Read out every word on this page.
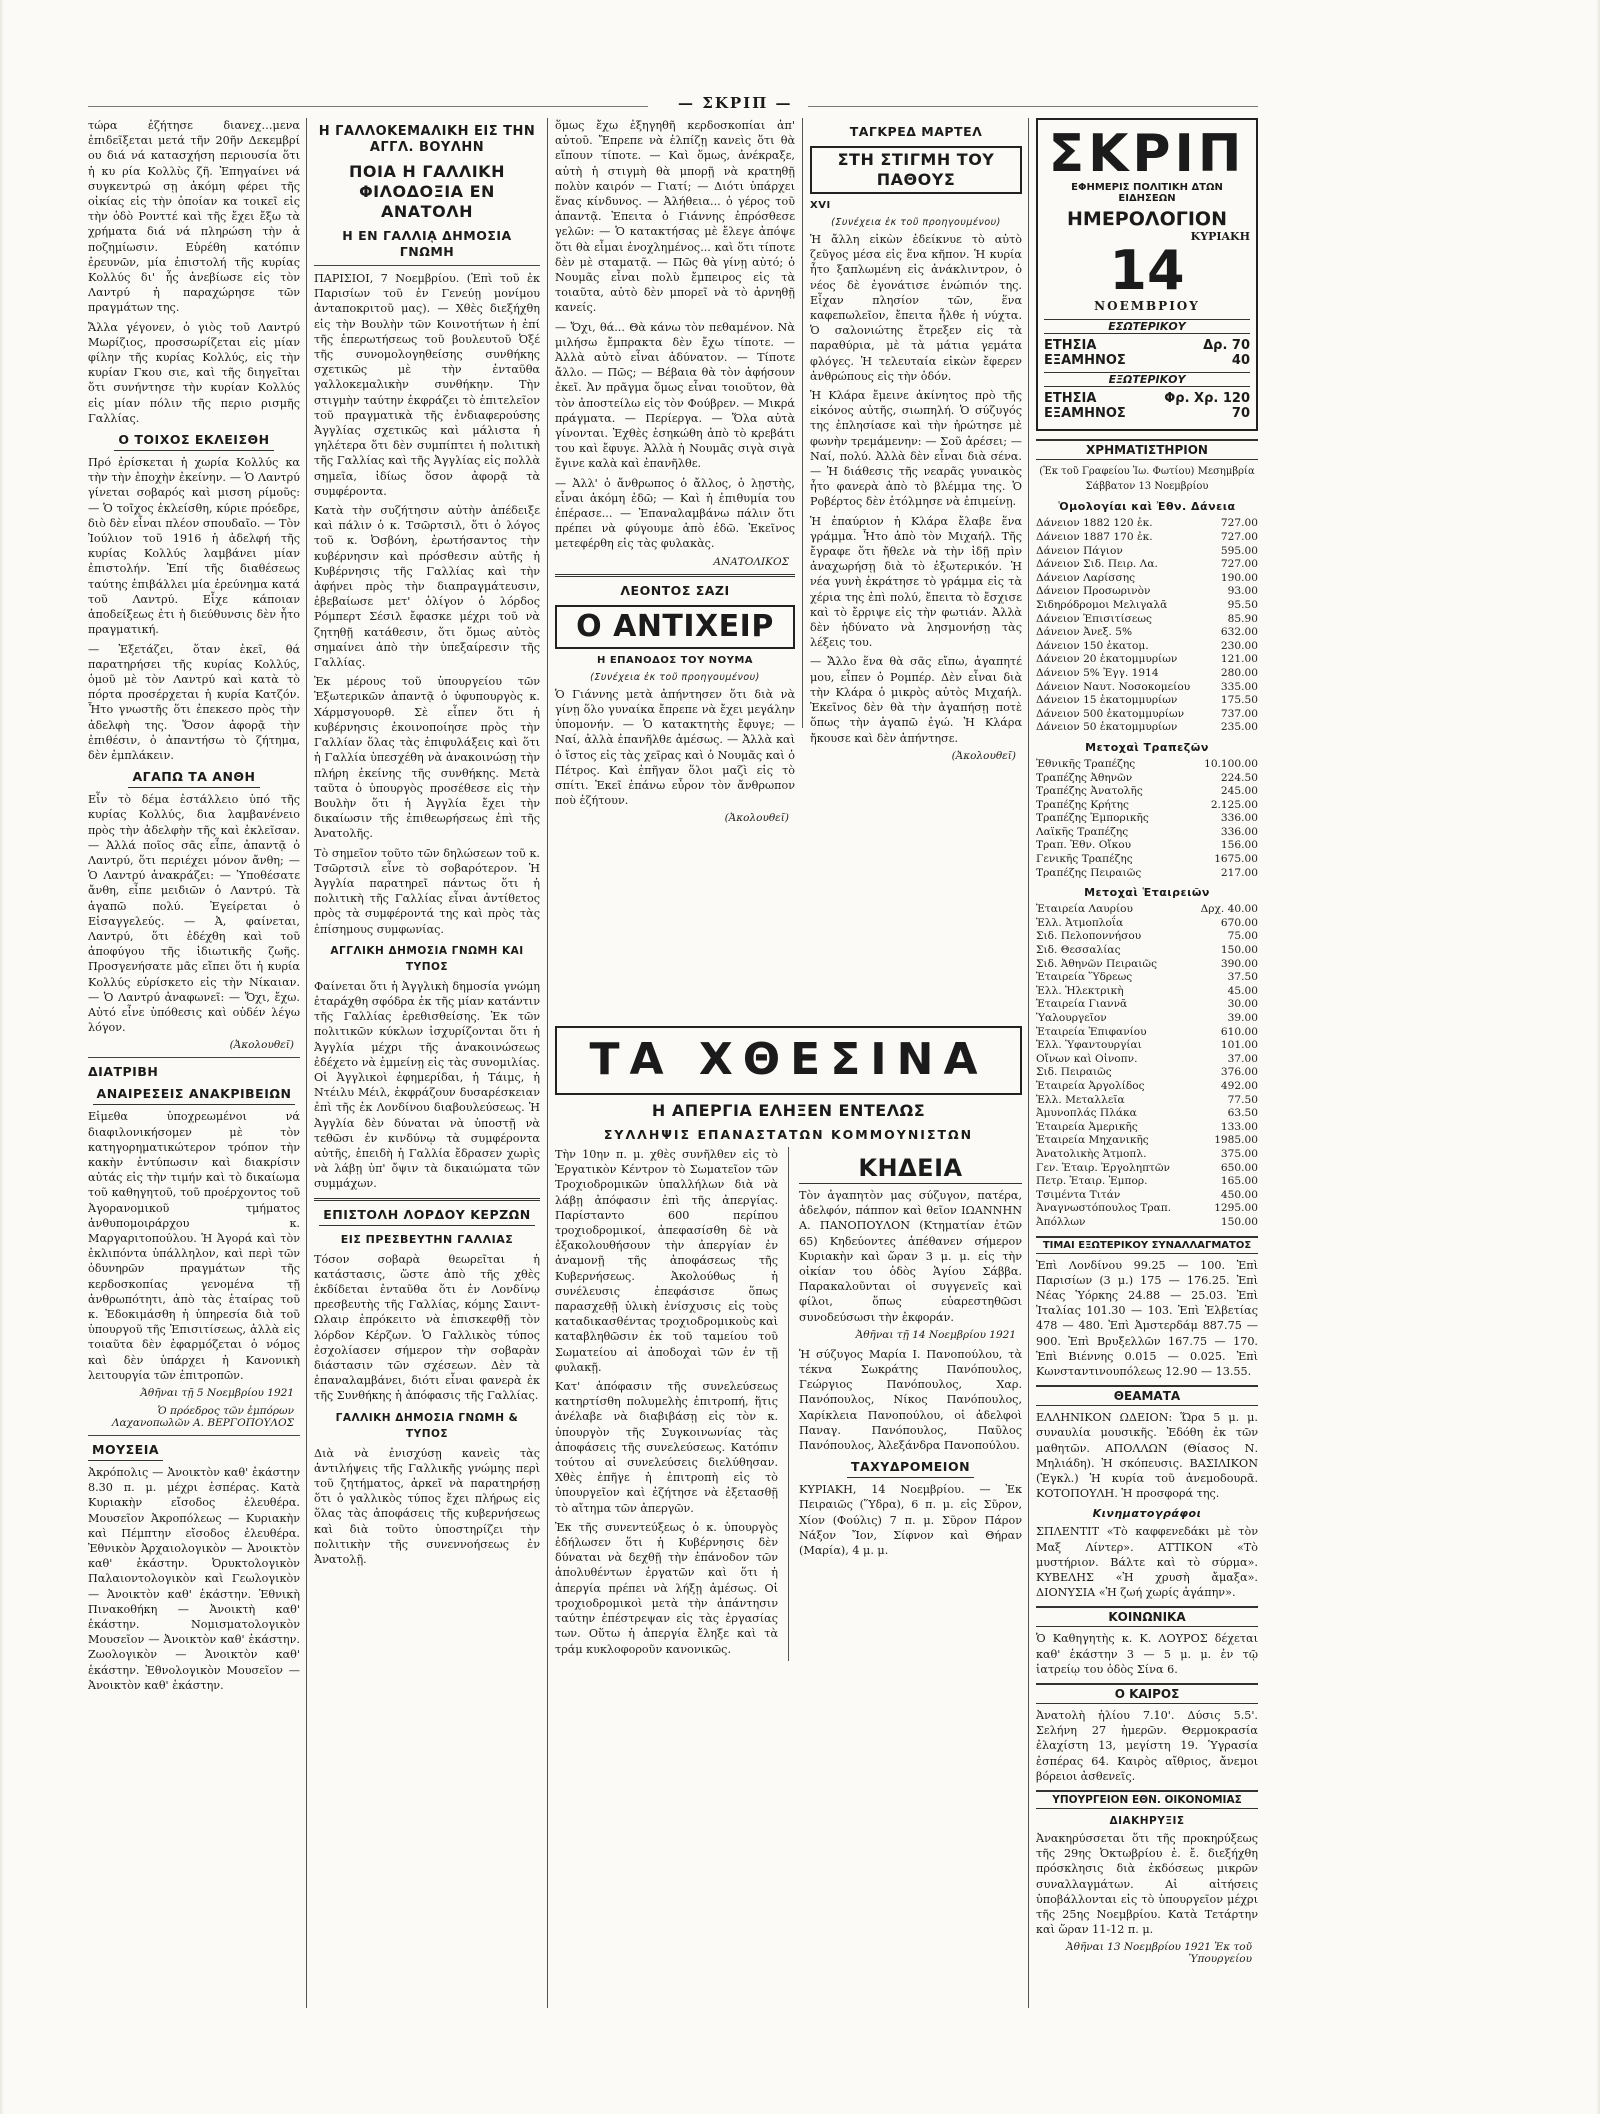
— ΣΚΡΙΠ —

τώρα ἐζήτησε διανεχ…μενα ἐπιδεῖξεται μετά τῆν 20ῆν Δεκεμβρί ου διά νά κατασχήση περιουσία ὅτι ἡ κυ ρία Κολλὺς ζῆ. Ἐπηγαίνει νά συγκεντρώ σῃ ἀκόμη φέρει τῆς οἰκίας εἰς τὴν ὁποίαν κα τοικεῖ εἰς τὴν ὁδὸ Ρονττέ καὶ τῆς ἔχει ἔξω τὰ χρήματα διά νά πληρώση τὴν ἀ ποζημίωσιν. Εὑρέθη κατόπιν ἐρευνῶν, μία ἐπιστολή τῆς κυρίας Κολλύς δι' ἧς ἀνεβίωσε εἰς τὸν Λαντρύ ἡ παραχώρησε τῶν πραγμάτων της.

Ἄλλα γέγονεν, ὁ γιὸς τοῦ Λαντρύ Μωρίζιος, προσσωρίζεται εἰς μίαν φίλην τῆς κυρίας Κολλύς, εἰς τὴν κυρίαν Γκου σιε, καὶ τῆς διηγεῖται ὅτι συνήντησε τὴν κυρίαν Κολλύς εἰς μίαν πόλιν τῆς περιο ρισμῆς Γαλλίας.

Ο ΤΟΙΧΟΣ ΕΚΛΕΙΣΘΗ

Πρό ἐρίσκεται ἡ χωρία Κολλύς κα τὴν τὴν ἐποχὴν ἐκείνην. — Ὁ Λαντρύ γίνεται σοβαρός καὶ μισση ρίμοῦς: — Ὁ τοῖχος ἐκλείσθη, κύριε πρόεδρε, διὸ δὲν εἶναι πλέον σπουδαῖο. — Τὸν Ἰούλιον τοῦ 1916 ἡ ἀδελφή τῆς κυρίας Κολλύς λαμβάνει μίαν ἐπιστολήν. Ἐπί τῆς διαθέσεως ταύτης ἐπιβάλλει μία ἐρεύνημα κατά τοῦ Λαντρύ. Εἶχε κάποιαν ἀποδείξεως ἐτι ἡ διεύθυνσις δὲν ἦτο πραγματική.

— Ἐξετάζει, ὅταν ἐκεῖ, θά παρατηρήσει τῆς κυρίας Κολλύς, ὁμοῦ μὲ τὸν Λαντρύ καὶ κατὰ τὸ πόρτα προσέρχεται ἡ κυρία Κατζόν. Ἦτο γνωστῆς ὅτι ἐπεκεσο πρὸς τὴν ἀδελφὴ της. Ὅσον ἀφορᾷ τὴν ἐπιθέσιν, ὁ ἀπαντήσω τὸ ζήτημα, δὲν ἐμπλάκειν.

ΑΓΑΠΩ ΤΑ ΑΝΘΗ

Εἶν τὸ δέμα ἐστάλλειο ὑπό τῆς κυρίας Κολλύς, δια λαμβανένειο πρὸς τὴν ἀδελφὴν τῆς καὶ ἐκλεῖσαν. — Ἀλλά ποῖος σᾶς εἶπε, ἀπαντᾷ ὁ Λαντρύ, ὅτι περιέχει μόνον ἄνθη; — Ὁ Λαντρύ ἀνακράζει: — Ὑποθέσατε ἄνθη, εἶπε μειδιῶν ὁ Λαντρύ. Τὰ ἀγαπῶ πολύ. Ἐγείρεται ὁ Εἰσαγγελεύς. — Ἀ, φαίνεται, Λαντρύ, ὅτι ἐδέχθη καὶ τοῦ ἀποφύγου τῆς ἰδιωτικῆς ζωῆς. Προσγενήσατε μᾶς εἴπει ὅτι ἡ κυρία Κολλύς εὑρίσκετο εἰς τὴν Νίκαιαν. — Ὁ Λαντρύ ἀναφωνεῖ: — Ὄχι, ἔχω. Αὐτό εἶνε ὑπόθεσις καὶ οὐδέν λέγω λόγον.

(Ἀκολουθεῖ)
ΔΙΑΤΡΙΒΗ
ΑΝΑΙΡΕΣΕΙΣ ΑΝΑΚΡΙΒΕΙΩΝ

Εἰμεθα ὑποχρεωμένοι νά διαφιλονικήσομεν μὲ τὸν κατηγορηματικώτερον τρόπον τὴν κακὴν ἐντύπωσιν καὶ διακρίσιν αὐτάς εἰς τὴν τιμήν καὶ τὸ δικαίωμα τοῦ καθηγητοῦ, τοῦ προέρχοντος τοῦ Ἀγορανομικοῦ τμήματος ἀνθυπομοιράρχου κ. Μαργαριτοπούλου. Ἡ Ἀγορά καὶ τὸν ἐκλιπόντα ὑπάλληλον, καὶ περὶ τῶν ὀδυνηρῶν πραγμάτων τῆς κερδοσκοπίας γενομένα τῇ ἀνθρωπότητι, ἀπὸ τὰς ἑταίρας τοῦ κ. Ἐδοκιμάσθη ἡ ὑπηρεσία διὰ τοῦ ὑπουργοῦ τῆς Ἐπισιτίσεως, ἀλλὰ εἰς τοιαῦτα δὲν ἐφαρμόζεται ὁ νόμος καὶ δὲν ὑπάρχει ἡ Κανονικὴ λειτουργία τῶν ἐπιτροπῶν.

Ἀθῆναι τῇ 5 Νοεμβρίου 1921
Ὁ πρόεδρος τῶν ἐμπόρων Λαχανοπωλῶν Α. ΒΕΡΓΟΠΟΥΛΟΣ
ΜΟΥΣΕΙΑ

Ἀκρόπολις — Ἀνοικτὸν καθ' ἑκάστην 8.30 π. μ. μέχρι ἑσπέρας. Κατὰ Κυριακὴν εἴσοδος ἐλευθέρα. Μουσεῖον Ἀκροπόλεως — Κυριακὴν καὶ Πέμπτην εἴσοδος ἐλευθέρα. Ἐθνικὸν Ἀρχαιολογικὸν — Ἀνοικτὸν καθ' ἑκάστην. Ὀρυκτολογικὸν Παλαιοντολογικὸν καὶ Γεωλογικὸν — Ἀνοικτὸν καθ' ἑκάστην. Ἐθνικὴ Πινακοθήκη — Ἀνοικτὴ καθ' ἑκάστην. Νομισματολογικὸν Μουσεῖον — Ἀνοικτὸν καθ' ἑκάστην. Ζωολογικὸν — Ἀνοικτὸν καθ' ἑκάστην. Ἐθνολογικὸν Μουσεῖον — Ἀνοικτὸν καθ' ἑκάστην.

Η ΓΑΛΛΟΚΕΜΑΛΙΚΗ ΕΙΣ ΤΗΝ ΑΓΓΛ. ΒΟΥΛΗΝ
ΠΟΙΑ Η ΓΑΛΛΙΚΗ ΦΙΛΟΔΟΞΙΑ ΕΝ ΑΝΑΤΟΛΗ
Η ΕΝ ΓΑΛΛΙᾼ ΔΗΜΟΣΙΑ ΓΝΩΜΗ

ΠΑΡΙΣΙΟΙ, 7 Νοεμβρίου. (Ἐπὶ τοῦ ἐκ Παρισίων τοῦ ἐν Γενεύῃ μονίμου ἀνταποκριτοῦ μας). — Χθὲς διεξήχθη εἰς τὴν Βουλὴν τῶν Κοινοτήτων ἡ ἐπί τῆς ἐπερωτήσεως τοῦ βουλευτοῦ Ὀξέ τῆς συνομολογηθείσης συνθήκης σχετικῶς μὲ τὴν ἐνταῦθα γαλλοκεμαλικὴν συνθήκην. Τὴν στιγμὴν ταύτην ἐκφράζει τὸ ἐπιτελεῖον τοῦ πραγματικὰ τῆς ἐνδιαφερούσης Ἀγγλίας σχετικῶς καὶ μάλιστα ἡ γηλέτερα ὅτι δὲν συμπίπτει ἡ πολιτικὴ τῆς Γαλλίας καὶ τῆς Ἀγγλίας εἰς πολλὰ σημεῖα, ἰδίως ὅσον ἀφορᾷ τὰ συμφέροντα.

Κατὰ τὴν συζήτησιν αὐτὴν ἀπέδειξε καὶ πάλιν ὁ κ. Τσῶρτσιλ, ὅτι ὁ λόγος τοῦ κ. Ὀσβόνη, ἐρωτήσαντος τὴν κυβέρνησιν καὶ πρόσθεσιν αὐτῆς ἡ Κυβέρνησις τῆς Γαλλίας καὶ τὴν ἀφήνει πρὸς τὴν διαπραγμάτευσιν, ἐβεβαίωσε μετ' ὀλίγον ὁ λόρδος Ρόμπερτ Σέσιλ ἔφασκε μέχρι τοῦ νὰ ζητηθῇ κατάθεσιν, ὅτι ὅμως αὐτὸς σημαίνει ἀπὸ τὴν ὑπεξαίρεσιν τῆς Γαλλίας.

Ἐκ μέρους τοῦ ὑπουργείου τῶν Ἐξωτερικῶν ἀπαντᾷ ὁ ὑφυπουργὸς κ. Χάρμσγουορθ. Σὲ εἶπεν ὅτι ἡ κυβέρνησις ἐκοινοποίησε πρὸς τὴν Γαλλίαν ὅλας τὰς ἐπιφυλάξεις καὶ ὅτι ἡ Γαλλία ὑπεσχέθη νὰ ἀνακοινώσῃ τὴν πλήρη ἐκείνης τῆς συνθήκης. Μετὰ ταῦτα ὁ ὑπουργὸς προσέθεσε εἰς τὴν Βουλὴν ὅτι ἡ Ἀγγλία ἔχει τὴν δικαίωσιν τῆς ἐπιθεωρήσεως ἐπὶ τῆς Ἀνατολῆς.

Τὸ σημεῖον τοῦτο τῶν δηλώσεων τοῦ κ. Τσῶρτσιλ εἶνε τὸ σοβαρότερον. Ἡ Ἀγγλία παρατηρεῖ πάντως ὅτι ἡ πολιτικὴ τῆς Γαλλίας εἶναι ἀντίθετος πρὸς τὰ συμφέροντά της καὶ πρὸς τὰς ἐπίσημους συμφωνίας.

ΑΓΓΛΙΚΗ ΔΗΜΟΣΙΑ ΓΝΩΜΗ ΚΑΙ ΤΥΠΟΣ

Φαίνεται ὅτι ἡ Ἀγγλικὴ δημοσία γνώμη ἐταράχθη σφόδρα ἐκ τῆς μίαν κατάντιν τῆς Γαλλίας ἐρεθισθείσης. Ἐκ τῶν πολιτικῶν κύκλων ἰσχυρίζονται ὅτι ἡ Ἀγγλία μέχρι τῆς ἀνακοινώσεως ἐδέχετο νὰ ἐμμείνῃ εἰς τὰς συνομιλίας. Οἱ Ἀγγλικοὶ ἐφημερίδαι, ἡ Τάιμς, ἡ Ντέιλυ Μέιλ, ἐκφράζουν δυσαρέσκειαν ἐπὶ τῆς ἐκ Λονδίνου διαβουλεύσεως. Ἡ Ἀγγλία δὲν δύναται νὰ ὑποστῇ νὰ τεθῶσι ἐν κινδύνῳ τὰ συμφέροντα αὐτῆς, ἐπειδὴ ἡ Γαλλία ἔδρασεν χωρὶς νὰ λάβῃ ὑπ' ὄψιν τὰ δικαιώματα τῶν συμμάχων.

ΕΠΙΣΤΟΛΗ ΛΟΡΔΟΥ ΚΕΡΖΩΝ
ΕΙΣ ΠΡΕΣΒΕΥΤΗΝ ΓΑΛΛΙΑΣ

Τόσον σοβαρὰ θεωρεῖται ἡ κατάστασις, ὥστε ἀπὸ τῆς χθὲς ἐκδίδεται ἐνταῦθα ὅτι ἐν Λονδίνῳ πρεσβευτὴς τῆς Γαλλίας, κόμης Σαιντ-Ωλαιρ ἐπρόκειτο νὰ ἐπισκεφθῇ τὸν λόρδον Κέρζων. Ὁ Γαλλικὸς τύπος ἐσχολίασεν σήμερον τὴν σοβαρὰν διάστασιν τῶν σχέσεων. Δὲν τὰ ἐπαναλαμβάνει, διότι εἶναι φανερὰ ἐκ τῆς Συνθήκης ἡ ἀπόφασις τῆς Γαλλίας.

ΓΑΛΛΙΚΗ ΔΗΜΟΣΙΑ ΓΝΩΜΗ & ΤΥΠΟΣ

Διὰ νὰ ἐνισχύσῃ κανεὶς τὰς ἀντιλήψεις τῆς Γαλλικῆς γνώμης περὶ τοῦ ζητήματος, ἀρκεῖ νὰ παρατηρήσῃ ὅτι ὁ γαλλικὸς τύπος ἔχει πλήρως εἰς ὅλας τὰς ἀποφάσεις τῆς κυβερνήσεως καὶ διὰ τοῦτο ὑποστηρίζει τὴν πολιτικὴν τῆς συνεννοήσεως ἐν Ἀνατολῇ.

ὅμως ἔχω ἐξηγηθῆ κερδοσκοπίαι ἀπ' αὐτοῦ. Ἔπρεπε νὰ ἐλπίζῃ κανεὶς ὅτι θὰ εἴπουν τίποτε. — Καὶ ὅμως, ἀνέκραξε, αὐτὴ ἡ στιγμὴ θὰ μπορῇ νὰ κρατηθῇ πολὺν καιρόν — Γιατί; — Διότι ὑπάρχει ἕνας κίνδυνος. — Ἀλήθεια... ὁ γέρος τοῦ ἀπαντᾷ. Ἐπειτα ὁ Γιάννης ἐπρόσθεσε γελῶν: — Ὁ κατακτήσας μὲ ἔλεγε ἀπόψε ὅτι θὰ εἶμαι ἐνοχλημένος... καὶ ὅτι τίποτε δὲν μὲ σταματᾷ. — Πῶς θὰ γίνῃ αὐτό; ὁ Νουμᾶς εἶναι πολὺ ἔμπειρος εἰς τὰ τοιαῦτα, αὐτὸ δὲν μπορεῖ νὰ τὸ ἀρνηθῇ κανείς.

— Ὄχι, θά... Θὰ κάνω τὸν πεθαμένον. Νὰ μιλήσω ἔμπρακτα δὲν ἔχω τίποτε. — Ἀλλὰ αὐτὸ εἶναι ἀδύνατον. — Τίποτε ἄλλο. — Πῶς; — Βέβαια θὰ τὸν ἀφήσουν ἐκεῖ. Ἀν πρᾶγμα ὅμως εἶναι τοιοῦτον, θὰ τὸν ἀποστείλω εἰς τὸν Φούβρεν. — Μικρά πράγματα. — Περίεργα. — Ὅλα αὐτὰ γίνονται. Ἐχθὲς ἐσηκώθη ἀπὸ τὸ κρεβάτι του καὶ ἔφυγε. Ἀλλὰ ἡ Νουμᾶς σιγὰ σιγὰ ἔγινε καλὰ καὶ ἐπανῆλθε.

— Ἀλλ' ὁ ἄνθρωπος ὁ ἄλλος, ὁ λῃστὴς, εἶναι ἀκόμη ἐδῶ; — Καὶ ἡ ἐπιθυμία του ἐπέρασε... — Ἐπαναλαμβάνω πάλιν ὅτι πρέπει νὰ φύγουμε ἀπὸ ἐδῶ. Ἐκεῖνος μετεφέρθη εἰς τὰς φυλακὰς.

ΑΝΑΤΟΛΙΚΟΣ
ΛΕΟΝΤΟΣ ΣΑΖΙ
Ο ΑΝΤΙΧΕΙΡ
Η ΕΠΑΝΟΔΟΣ ΤΟΥ ΝΟΥΜΑ
(Συνέχεια ἐκ τοῦ προηγουμένου)

Ὁ Γιάννης μετὰ ἀπήντησεν ὅτι διὰ νὰ γίνῃ ὅλο γυναίκα ἔπρεπε νὰ ἔχει μεγάλην ὑπομονήν. — Ὁ κατακτητὴς ἔφυγε; — Ναί, ἀλλὰ ἐπανῆλθε ἀμέσως. — Ἀλλὰ καὶ ὁ ἴστος εἰς τὰς χεῖρας καὶ ὁ Νουμᾶς καὶ ὁ Πέτρος. Καὶ ἐπῆγαν ὅλοι μαζὶ εἰς τὸ σπίτι. Ἐκεῖ ἐπάνω εὗρον τὸν ἄνθρωπον ποὺ ἐζήτουν.

(Ἀκολουθεῖ)
ΤΑΓΚΡΕΔ ΜΑΡΤΕΛ
ΣΤΗ ΣΤΙΓΜΗ ΤΟΥ ΠΑΘΟΥΣ
XVI
(Συνέχεια ἐκ τοῦ προηγουμένου)

Ἡ ἄλλη εἰκὼν ἐδείκνυε τὸ αὐτὸ ζεῦγος μέσα εἰς ἕνα κῆπον. Ἡ κυρία ἦτο ξαπλωμένη εἰς ἀνάκλιντρον, ὁ νέος δὲ ἐγονάτισε ἐνώπιόν της. Εἶχαν πλησίον τῶν, ἕνα καφεπωλεῖον, ἔπειτα ἦλθε ἡ νύχτα. Ὁ σαλονιώτης ἔτρεξεν εἰς τὰ παραθύρια, μὲ τὰ μάτια γεμάτα φλόγες. Ἡ τελευταία εἰκὼν ἔφερεν ἀνθρώπους εἰς τὴν ὁδόν.

Ἡ Κλάρα ἔμεινε ἀκίνητος πρὸ τῆς εἰκόνος αὐτῆς, σιωπηλή. Ὁ σύζυγός της ἐπλησίασε καὶ τὴν ἠρώτησε μὲ φωνὴν τρεμάμενην: — Σοῦ ἀρέσει; — Ναί, πολύ. Ἀλλὰ δὲν εἶναι διὰ σένα. — Ἡ διάθεσις τῆς νεαρᾶς γυναικὸς ἦτο φανερὰ ἀπὸ τὸ βλέμμα της. Ὁ Ροβέρτος δὲν ἐτόλμησε νὰ ἐπιμείνῃ.

Ἡ ἐπαύριον ἡ Κλάρα ἔλαβε ἕνα γράμμα. Ἦτο ἀπὸ τὸν Μιχαήλ. Τῆς ἔγραφε ὅτι ἤθελε νὰ τὴν ἰδῇ πρὶν ἀναχωρήσῃ διὰ τὸ ἐξωτερικόν. Ἡ νέα γυνὴ ἐκράτησε τὸ γράμμα εἰς τὰ χέρια της ἐπὶ πολύ, ἔπειτα τὸ ἔσχισε καὶ τὸ ἔρριψε εἰς τὴν φωτιάν. Ἀλλὰ δὲν ἠδύνατο νὰ λησμονήσῃ τὰς λέξεις του.

— Ἄλλο ἕνα θὰ σᾶς εἴπω, ἀγαπητέ μου, εἶπεν ὁ Ρομπέρ. Δὲν εἶναι διὰ τὴν Κλάρα ὁ μικρὸς αὐτὸς Μιχαήλ. Ἐκεῖνος δὲν θὰ τὴν ἀγαπήσῃ ποτὲ ὅπως τὴν ἀγαπῶ ἐγώ. Ἡ Κλάρα ἤκουσε καὶ δὲν ἀπήντησε.

(Ἀκολουθεῖ)
ΤΑ ΧΘΕΣΙΝΑ
Η ΑΠΕΡΓΙΑ ΕΛΗΞΕΝ ΕΝΤΕΛΩΣ
ΣΥΛΛΗΨΙΣ ΕΠΑΝΑΣΤΑΤΩΝ ΚΟΜΜΟΥΝΙΣΤΩΝ

Τὴν 10ην π. μ. χθὲς συνῆλθεν εἰς τὸ Ἐργατικὸν Κέντρον τὸ Σωματεῖον τῶν Τροχιοδρομικῶν ὑπαλλήλων διὰ νὰ λάβῃ ἀπόφασιν ἐπὶ τῆς ἀπεργίας. Παρίσταντο 600 περίπου τροχιοδρομικοί, ἀπεφασίσθη δὲ νὰ ἐξακολουθήσουν τὴν ἀπεργίαν ἐν ἀναμονῇ τῆς ἀποφάσεως τῆς Κυβερνήσεως. Ἀκολούθως ἡ συνέλευσις ἐπεφάσισε ὅπως παρασχεθῇ ὑλικὴ ἐνίσχυσις εἰς τοὺς καταδικασθέντας τροχιοδρομικοὺς καὶ καταβληθῶσιν ἐκ τοῦ ταμείου τοῦ Σωματείου αἱ ἀποδοχαὶ τῶν ἐν τῇ φυλακῇ.

Κατ' ἀπόφασιν τῆς συνελεύσεως κατηρτίσθη πολυμελὴς ἐπιτροπή, ἥτις ἀνέλαβε νὰ διαβιβάσῃ εἰς τὸν κ. ὑπουργὸν τῆς Συγκοινωνίας τὰς ἀποφάσεις τῆς συνελεύσεως. Κατόπιν τούτου αἱ συνελεύσεις διελύθησαν. Χθὲς ἐπῆγε ἡ ἐπιτροπὴ εἰς τὸ ὑπουργεῖον καὶ ἐζήτησε νὰ ἐξετασθῇ τὸ αἴτημα τῶν ἀπεργῶν.

Ἐκ τῆς συνεντεύξεως ὁ κ. ὑπουργὸς ἐδήλωσεν ὅτι ἡ Κυβέρνησις δὲν δύναται νὰ δεχθῇ τὴν ἐπάνοδον τῶν ἀπολυθέντων ἐργατῶν καὶ ὅτι ἡ ἀπεργία πρέπει νὰ λήξῃ ἀμέσως. Οἱ τροχιοδρομικοὶ μετὰ τὴν ἀπάντησιν ταύτην ἐπέστρεψαν εἰς τὰς ἐργασίας των. Οὕτω ἡ ἀπεργία ἔληξε καὶ τὰ τράμ κυκλοφοροῦν κανονικῶς.

ΚΗΔΕΙΑ

Τὸν ἀγαπητὸν μας σύζυγον, πατέρα, ἀδελφόν, πάππον καὶ θεῖον ΙΩΑΝΝΗΝ Α. ΠΑΝΟΠΟΥΛΟΝ (Κτηματίαν ἐτῶν 65) Κηδεύοντες ἀπέθανεν σήμερον Κυριακὴν καὶ ὥραν 3 μ. μ. εἰς τὴν οἰκίαν του ὁδὸς Ἁγίου Σάββα. Παρακαλοῦνται οἱ συγγενεῖς καὶ φίλοι, ὅπως εὐαρεστηθῶσι συνοδεύσωσι τὴν ἐκφοράν.

Ἀθῆναι τῇ 14 Νοεμβρίου 1921

Ἡ σύζυγος Μαρία Ι. Πανοπούλου, τὰ τέκνα Σωκράτης Πανόπουλος, Γεώργιος Πανόπουλος, Χαρ. Πανόπουλος, Νίκος Πανόπουλος, Χαρίκλεια Πανοπούλου, οἱ ἀδελφοὶ Παναγ. Πανόπουλος, Παῦλος Πανόπουλος, Ἀλεξάνδρα Πανοπούλου.

ΤΑΧΥΔΡΟΜΕΙΟΝ

ΚΥΡΙΑΚΗ, 14 Νοεμβρίου. — Ἐκ Πειραιῶς (Ὕδρα), 6 π. μ. εἰς Σῦρον, Χίον (Φούλις) 7 π. μ. Σῦρον Πάρον Νάξον Ἴον, Σίφνον καὶ Θήραν (Μαρία), 4 μ. μ.

ΣΚΡΙΠ
ΕΦΗΜΕΡΙΣ ΠΟΛΙΤΙΚΗ ΔΤΩΝ ΕΙΔΗΣΕΩΝ
ΗΜΕΡΟΛΟΓΙΟΝ
ΚΥΡΙΑΚΗ
14
ΝΟΕΜΒΡΙΟΥ
ΕΣΩΤΕΡΙΚΟΥ
ΕΤΗΣΙΑ	Δρ. 70
ΕΞΑΜΗΝΟΣ	40
ΕΞΩΤΕΡΙΚΟΥ
ΕΤΗΣΙΑ	Φρ. Χρ. 120
ΕΞΑΜΗΝΟΣ	70
ΧΡΗΜΑΤΙΣΤΗΡΙΟΝ
(Ἐκ τοῦ Γραφείου Ἰω. Φωτίου) Μεσημβρία Σάββατον 13 Νοεμβρίου
Ὁμολογίαι καὶ Ἐθν. Δάνεια
Δάνειον 1882 120 ἐκ.	727.00
Δάνειον 1887 170 ἐκ.	727.00
Δάνειον Πάγιον	595.00
Δάνειον Σιδ. Πειρ. Λα.	727.00
Δάνειον Λαρίσσης	190.00
Δάνειον Προσωρινὸν	93.00
Σιδηρόδρομοι Μελιγαλᾶ	95.50
Δάνειον Ἐπισιτίσεως	85.90
Δάνειον Ἀνεξ. 5%	632.00
Δάνειον 150 ἑκατομ.	230.00
Δάνειον 20 ἑκατομμυρίων	121.00
Δάνειον 5% Ἐγγ. 1914	280.00
Δάνειον Ναυτ. Νοσοκομείου	335.00
Δάνειον 15 ἑκατομμυρίων	175.50
Δάνειον 500 ἑκατομμυρίων	737.00
Δάνειον 50 ἑκατομμυρίων	235.00
Μετοχαὶ Τραπεζῶν
Ἐθνικῆς Τραπέζης	10.100.00
Τραπέζης Ἀθηνῶν	224.50
Τραπέζης Ἀνατολῆς	245.00
Τραπέζης Κρήτης	2.125.00
Τραπέζης Ἐμπορικῆς	336.00
Λαϊκῆς Τραπέζης	336.00
Τραπ. Ἐθν. Οἴκου	156.00
Γενικῆς Τραπέζης	1675.00
Τραπέζης Πειραιῶς	217.00
Μετοχαὶ Ἑταιρειῶν
Ἑταιρεία Λαυρίου	Δρχ. 40.00
Ἑλλ. Ἀτμοπλοΐα	670.00
Σιδ. Πελοποννήσου	75.00
Σιδ. Θεσσαλίας	150.00
Σιδ. Ἀθηνῶν Πειραιῶς	390.00
Ἑταιρεία Ὕδρεως	37.50
Ἑλλ. Ἡλεκτρικὴ	45.00
Ἑταιρεία Γιαννᾶ	30.00
Ὑαλουργεῖον	39.00
Ἑταιρεία Ἐπιφανίου	610.00
Ἑλλ. Ὑφαντουργίαι	101.00
Οἴνων καὶ Οἰνοπν.	37.00
Σιδ. Πειραιῶς	376.00
Ἑταιρεία Ἀργολίδος	492.00
Ἑλλ. Μεταλλεῖα	77.50
Ἀμυνοπλάς Πλάκα	63.50
Ἑταιρεία Ἀμερικῆς	133.00
Ἑταιρεία Μηχανικῆς	1985.00
Ἀνατολικὴς Ἀτμοπλ.	375.00
Γεν. Ἑταιρ. Ἐργοληπτῶν	650.00
Πετρ. Ἑταιρ. Ἐμπορ.	165.00
Τσιμέντα Τιτάν	450.00
Ἀναγνωστόπουλος Τραπ.	1295.00
Ἀπόλλων	150.00
ΤΙΜΑΙ ΕΞΩΤΕΡΙΚΟΥ ΣΥΝΑΛΛΑΓΜΑΤΟΣ

Ἐπὶ Λονδίνου 99.25 — 100. Ἐπὶ Παρισίων (3 μ.) 175 — 176.25. Ἐπὶ Νέας Ὑόρκης 24.88 — 25.03. Ἐπὶ Ἰταλίας 101.30 — 103. Ἐπὶ Ἑλβετίας 478 — 480. Ἐπὶ Ἀμστερδάμ 887.75 — 900. Ἐπὶ Βρυξελλῶν 167.75 — 170. Ἐπὶ Βιέννης 0.015 — 0.025. Ἐπὶ Κωνσταντινουπόλεως 12.90 — 13.55.

ΘΕΑΜΑΤΑ

ΕΛΛΗΝΙΚΟΝ ΩΔΕΙΟΝ: Ὥρα 5 μ. μ. συναυλία μουσικῆς. Ἐδόθη ἐκ τῶν μαθητῶν. ΑΠΟΛΛΩΝ (Θίασος Ν. Μηλιάδη). Ἡ σκόπευσις. ΒΑΣΙΛΙΚΟΝ (Ἐγκλ.) Ἡ κυρία τοῦ ἀνεμοδουρᾶ. ΚΟΤΟΠΟΥΛΗ. Ἡ προσφορά της.

Κινηματογράφοι

ΣΠΛΕΝΤΙΤ «Τὸ καφφενεδάκι μὲ τὸν Μαξ Λίντερ». ΑΤΤΙΚΟΝ «Τὸ μυστήριον. Βάλτε καὶ τὸ σύρμα». ΚΥΒΕΛΗΣ «Ἡ χρυσὴ ἄμαξα». ΔΙΟΝΥΣΙΑ «Ἡ ζωή χωρίς ἀγάπην».

ΚΟΙΝΩΝΙΚΑ

Ὁ Καθηγητὴς κ. Κ. ΛΟΥΡΟΣ δέχεται καθ' ἑκάστην 3 — 5 μ. μ. ἐν τῷ ἰατρείῳ του ὁδὸς Σίνα 6.

Ο ΚΑΙΡΟΣ

Ἀνατολὴ ἡλίου 7.10'. Δύσις 5.5'. Σελήνη 27 ἡμερῶν. Θερμοκρασία ἐλαχίστη 13, μεγίστη 19. Ὑγρασία ἐσπέρας 64. Καιρὸς αἴθριος, ἄνεμοι βόρειοι ἀσθενεῖς.

ΥΠΟΥΡΓΕΙΟΝ ΕΘΝ. ΟΙΚΟΝΟΜΙΑΣ
ΔΙΑΚΗΡΥΞΙΣ

Ἀνακηρύσσεται ὅτι τῆς προκηρύξεως τῆς 29ης Ὀκτωβρίου ἐ. ἔ. διεξήχθη πρόσκλησις διὰ ἐκδόσεως μικρῶν συναλλαγμάτων. Αἱ αἰτήσεις ὑποβάλλονται εἰς τὸ ὑπουργεῖον μέχρι τῆς 25ης Νοεμβρίου. Κατὰ Τετάρτην καὶ ὥραν 11-12 π. μ.

Ἀθῆναι 13 Νοεμβρίου 1921 Ἐκ τοῦ Ὑπουργείου
